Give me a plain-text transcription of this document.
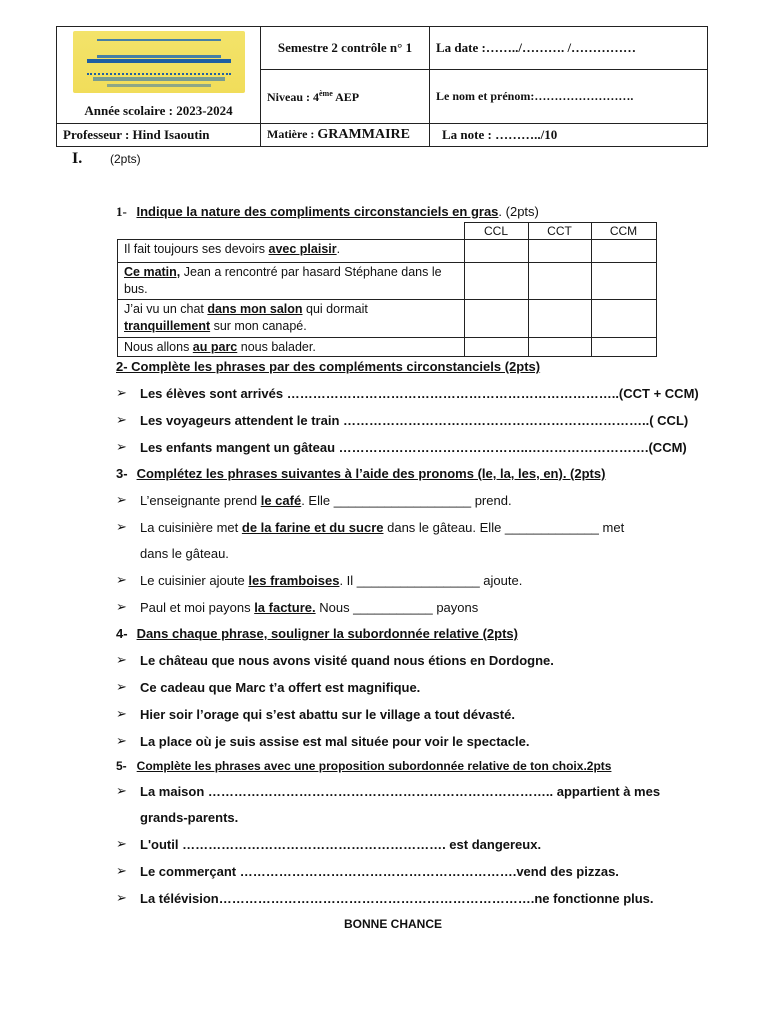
Année scolaire : 2023-2024	Semestre 2 contrôle n° 1	La date :……../………. /……………
	Niveau : 4ème AEP	Le nom et prénom:…………………….
Professeur : Hind Isaoutin	Matière : GRAMMAIRE	La note : ………../10
I. (2pts)
1- Indique la nature des compliments circonstanciels en gras. (2pts)
	CCL	CCT	CCM
Il fait toujours ses devoirs avec plaisir.			
Ce matin, Jean a rencontré par hasard Stéphane dans le bus.			
J’ai vu un chat dans mon salon qui dormait
tranquillement sur mon canapé.			
Nous allons au parc nous balader.			
2- Complète les phrases par des compléments circonstanciels (2pts)
➢ Les élèves sont arrivés …………………………………………………………………..(CCT + CCM)
➢ Les voyageurs attendent le train ……………………………………………………………..( CCL)
➢ Les enfants mangent un gâteau ……………………………………..……………………….(CCM)
3- Complétez les phrases suivantes à l’aide des pronoms (le, la, les, en). (2pts)
➢ L’enseignante prend le café. Elle ___________________ prend.
➢ La cuisinière met de la farine et du sucre dans le gâteau. Elle _____________ met
dans le gâteau.
➢ Le cuisinier ajoute les framboises. Il _________________ ajoute.
➢ Paul et moi payons la facture. Nous ___________ payons
4- Dans chaque phrase, souligner la subordonnée relative (2pts)
➢ Le château que nous avons visité quand nous étions en Dordogne.
➢ Ce cadeau que Marc t’a offert est magnifique.
➢ Hier soir l’orage qui s’est abattu sur le village a tout dévasté.
➢ La place où je suis assise est mal située pour voir le spectacle.
5- Complète les phrases avec une proposition subordonnée relative de ton choix.2pts
➢ La maison …………………………………………………………………….. appartient à mes
grands-parents.
➢ L'outil ……………………………………………………. est dangereux.
➢ Le commerçant ……………………………………………………….vend des pizzas.
➢ La télévision……………………………………………………………….ne fonctionne plus.
BONNE CHANCE
